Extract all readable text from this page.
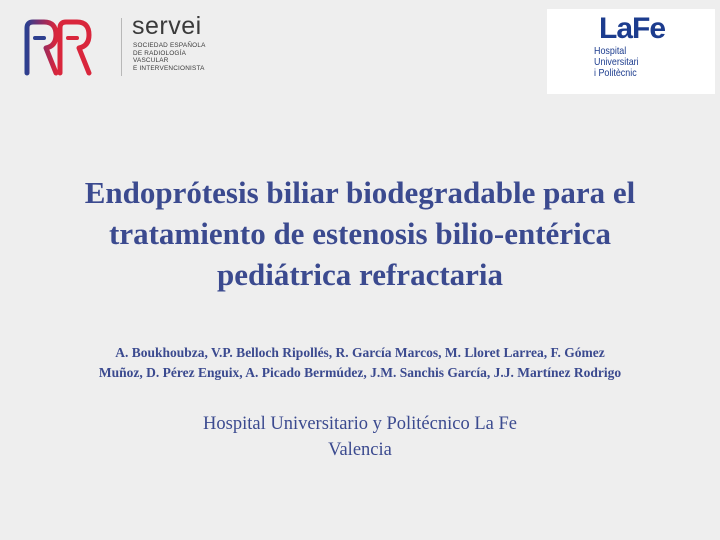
servei
SOCIEDAD ESPAÑOLA
DE RADIOLOGÍA
VASCULAR
E INTERVENCIONISTA
LaFe
Hospital
Universitari
i Politècnic
Endoprótesis biliar biodegradable para el
tratamiento de estenosis bilio-entérica
pediátrica refractaria
A. Boukhoubza, V.P. Belloch Ripollés, R. García Marcos, M. Lloret Larrea, F. Gómez
Muñoz, D. Pérez Enguix, A. Picado Bermúdez, J.M. Sanchis García, J.J. Martínez Rodrigo
Hospital Universitario y Politécnico La Fe
Valencia
